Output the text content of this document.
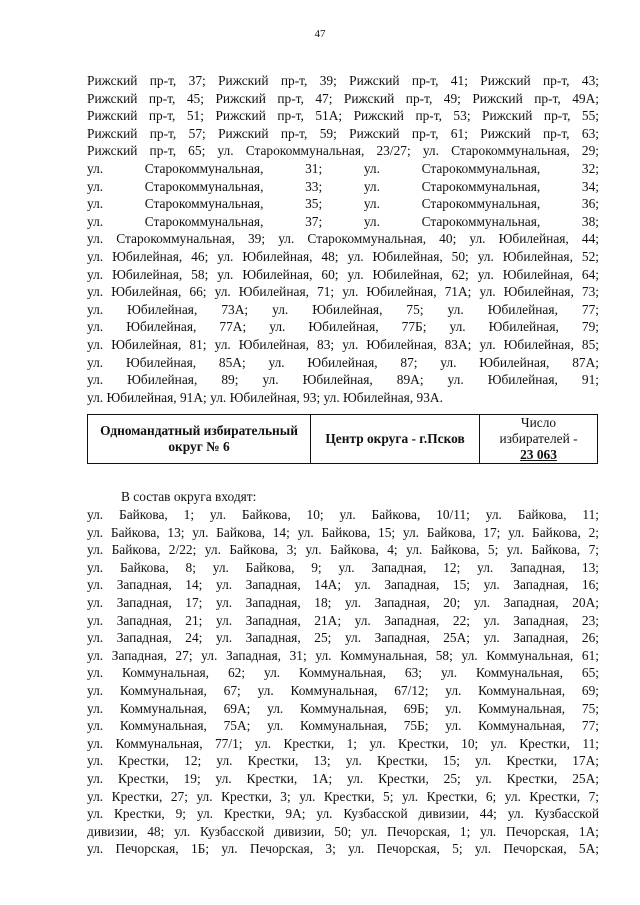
47
Рижский пр-т, 37; Рижский пр-т, 39; Рижский пр-т, 41; Рижский пр-т, 43;
Рижский пр-т, 45; Рижский пр-т, 47; Рижский пр-т, 49; Рижский пр-т, 49А;
Рижский пр-т, 51; Рижский пр-т, 51А; Рижский пр-т, 53; Рижский пр-т, 55;
Рижский пр-т, 57; Рижский пр-т, 59; Рижский пр-т, 61; Рижский пр-т, 63;
Рижский пр-т, 65; ул. Старокоммунальная, 23/27; ул. Старокоммунальная, 29;
ул. Старокоммунальная, 31; ул. Старокоммунальная, 32;
ул. Старокоммунальная, 33; ул. Старокоммунальная, 34;
ул. Старокоммунальная, 35; ул. Старокоммунальная, 36;
ул. Старокоммунальная, 37; ул. Старокоммунальная, 38;
ул. Старокоммунальная, 39; ул. Старокоммунальная, 40; ул. Юбилейная, 44;
ул. Юбилейная, 46; ул. Юбилейная, 48; ул. Юбилейная, 50; ул. Юбилейная, 52;
ул. Юбилейная, 58; ул. Юбилейная, 60; ул. Юбилейная, 62; ул. Юбилейная, 64;
ул. Юбилейная, 66; ул. Юбилейная, 71; ул. Юбилейная, 71А; ул. Юбилейная, 73;
ул. Юбилейная, 73А; ул. Юбилейная, 75; ул. Юбилейная, 77;
ул. Юбилейная, 77А; ул. Юбилейная, 77Б; ул. Юбилейная, 79;
ул. Юбилейная, 81; ул. Юбилейная, 83; ул. Юбилейная, 83А; ул. Юбилейная, 85;
ул. Юбилейная, 85А; ул. Юбилейная, 87; ул. Юбилейная, 87А;
ул. Юбилейная, 89; ул. Юбилейная, 89А; ул. Юбилейная, 91;
ул. Юбилейная, 91А; ул. Юбилейная, 93; ул. Юбилейная, 93А.
Одномандатный избирательный
округ № 6	Центр округа - г.Псков	Число
избирателей -
23 063
В состав округа входят:
ул. Байкова, 1; ул. Байкова, 10; ул. Байкова, 10/11; ул. Байкова, 11;
ул. Байкова, 13; ул. Байкова, 14; ул. Байкова, 15; ул. Байкова, 17; ул. Байкова, 2;
ул. Байкова, 2/22; ул. Байкова, 3; ул. Байкова, 4; ул. Байкова, 5; ул. Байкова, 7;
ул. Байкова, 8; ул. Байкова, 9; ул. Западная, 12; ул. Западная, 13;
ул. Западная, 14; ул. Западная, 14А; ул. Западная, 15; ул. Западная, 16;
ул. Западная, 17; ул. Западная, 18; ул. Западная, 20; ул. Западная, 20А;
ул. Западная, 21; ул. Западная, 21А; ул. Западная, 22; ул. Западная, 23;
ул. Западная, 24; ул. Западная, 25; ул. Западная, 25А; ул. Западная, 26;
ул. Западная, 27; ул. Западная, 31; ул. Коммунальная, 58; ул. Коммунальная, 61;
ул. Коммунальная, 62; ул. Коммунальная, 63; ул. Коммунальная, 65;
ул. Коммунальная, 67; ул. Коммунальная, 67/12; ул. Коммунальная, 69;
ул. Коммунальная, 69А; ул. Коммунальная, 69Б; ул. Коммунальная, 75;
ул. Коммунальная, 75А; ул. Коммунальная, 75Б; ул. Коммунальная, 77;
ул. Коммунальная, 77/1; ул. Крестки, 1; ул. Крестки, 10; ул. Крестки, 11;
ул. Крестки, 12; ул. Крестки, 13; ул. Крестки, 15; ул. Крестки, 17А;
ул. Крестки, 19; ул. Крестки, 1А; ул. Крестки, 25; ул. Крестки, 25А;
ул. Крестки, 27; ул. Крестки, 3; ул. Крестки, 5; ул. Крестки, 6; ул. Крестки, 7;
ул. Крестки, 9; ул. Крестки, 9А; ул. Кузбасской дивизии, 44; ул. Кузбасской
дивизии, 48; ул. Кузбасской дивизии, 50; ул. Печорская, 1; ул. Печорская, 1А;
ул. Печорская, 1Б; ул. Печорская, 3; ул. Печорская, 5; ул. Печорская, 5А;
